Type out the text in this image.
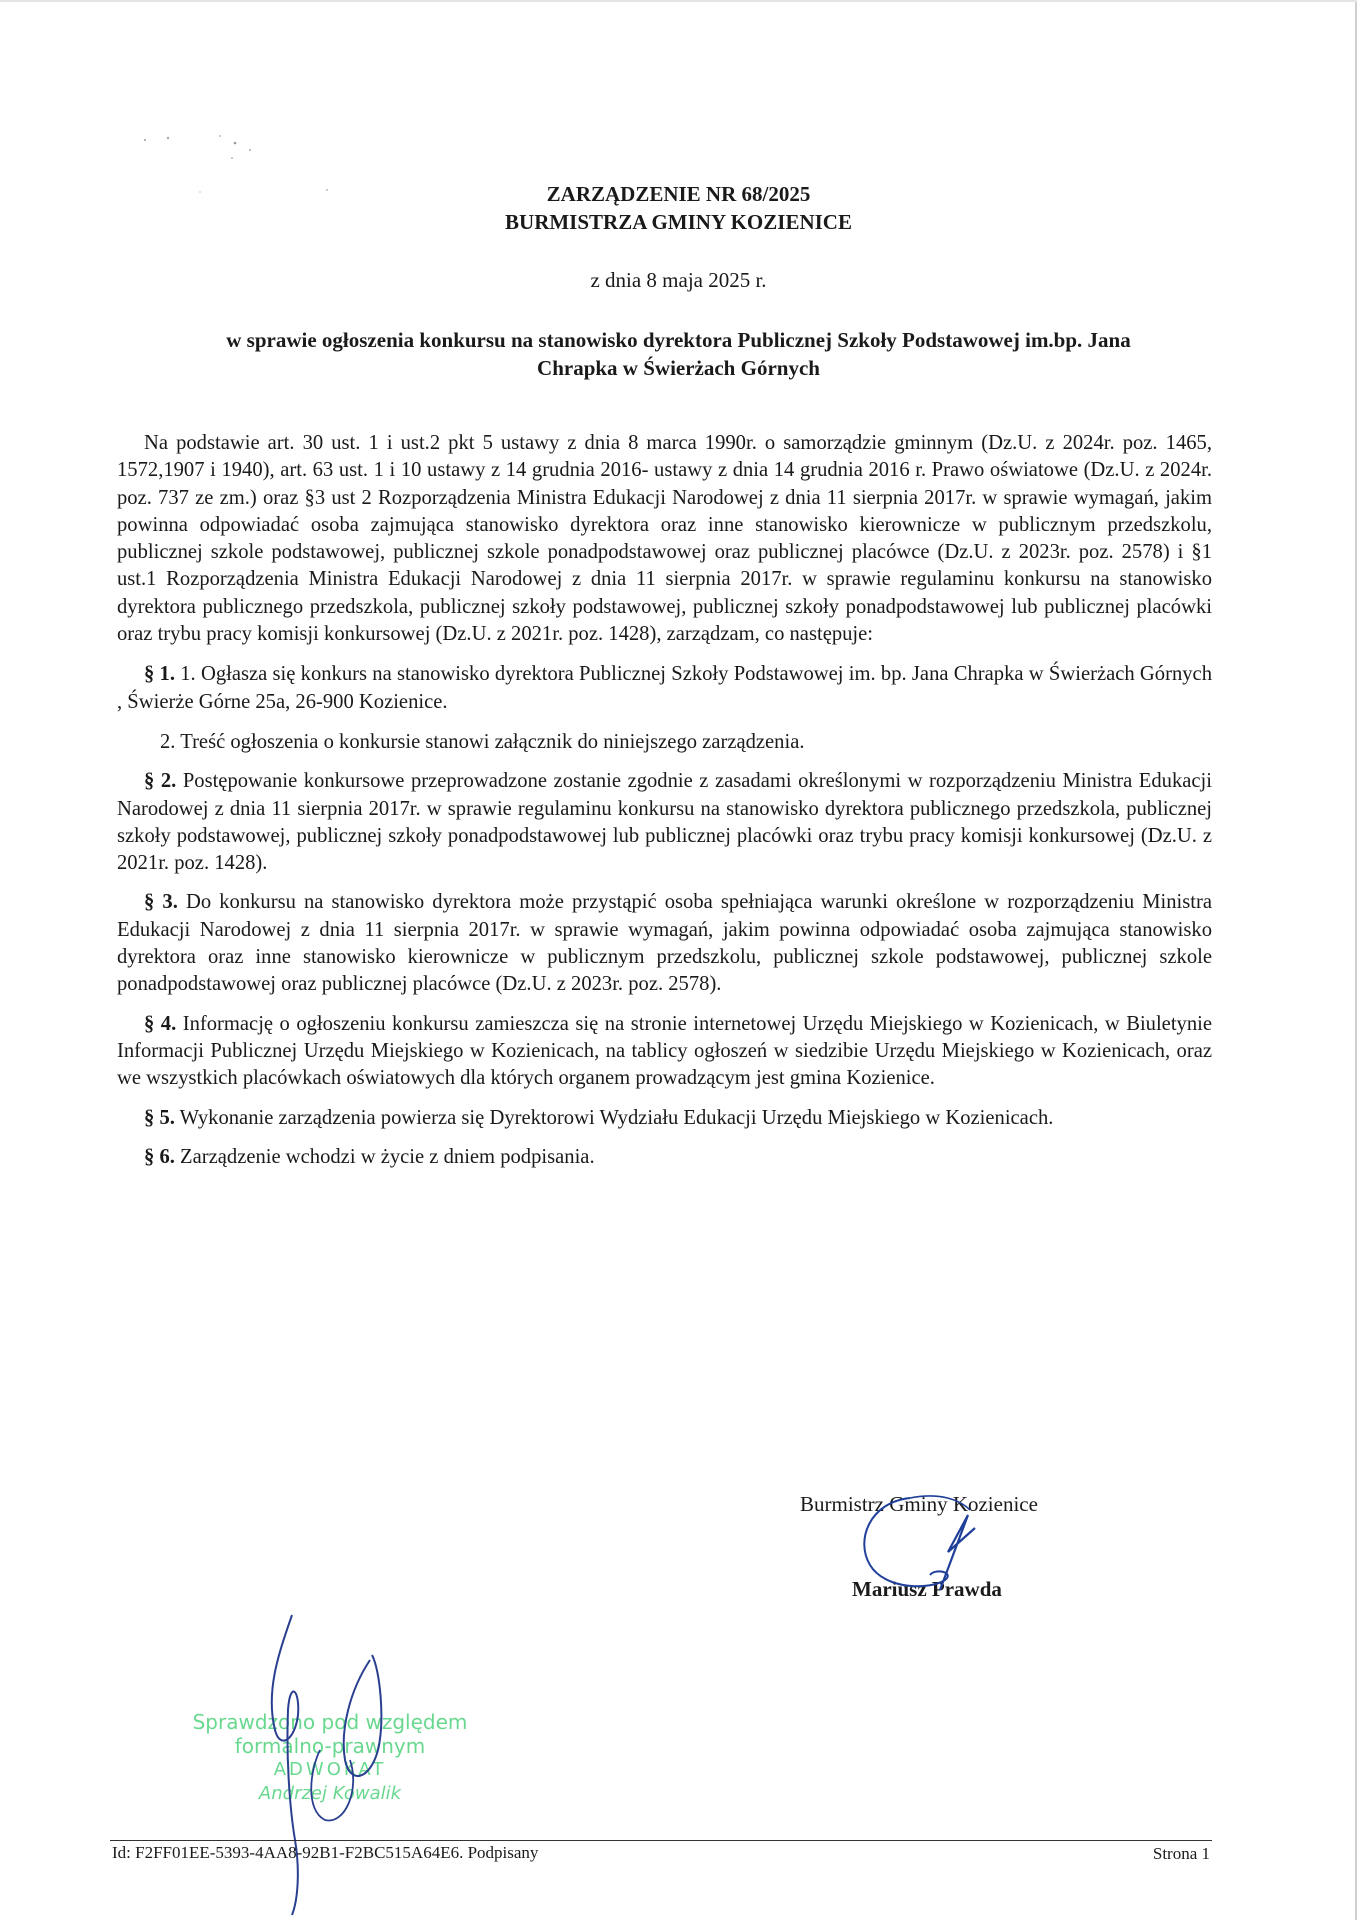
ZARZĄDZENIE NR 68/2025
BURMISTRZA GMINY KOZIENICE
z dnia 8 maja 2025 r.
w sprawie ogłoszenia konkursu na stanowisko dyrektora Publicznej Szkoły Podstawowej im.bp. Jana
Chrapka w Świerżach Górnych

Na podstawie art. 30 ust. 1 i ust.2 pkt 5 ustawy z dnia 8 marca 1990r. o samorządzie gminnym (Dz.U. z 2024r. poz. 1465, 1572,1907 i 1940), art. 63 ust. 1 i 10 ustawy z 14 grudnia 2016- ustawy z dnia 14 grudnia 2016 r. Prawo oświatowe (Dz.U. z 2024r. poz. 737 ze zm.) oraz §3 ust 2 Rozporządzenia Ministra Edukacji Narodowej z dnia 11 sierpnia 2017r. w sprawie wymagań, jakim powinna odpowiadać osoba zajmująca stanowisko dyrektora oraz inne stanowisko kierownicze w publicznym przedszkolu, publicznej szkole podstawowej, publicznej szkole ponadpodstawowej oraz publicznej placówce (Dz.U. z 2023r. poz. 2578) i §1 ust.1 Rozporządzenia Ministra Edukacji Narodowej z dnia 11 sierpnia 2017r. w sprawie regulaminu konkursu na stanowisko dyrektora publicznego przedszkola, publicznej szkoły podstawowej, publicznej szkoły ponadpodstawowej lub publicznej placówki oraz trybu pracy komisji konkursowej (Dz.U. z 2021r. poz. 1428), zarządzam, co następuje:

§ 1. 1. Ogłasza się konkurs na stanowisko dyrektora Publicznej Szkoły Podstawowej im. bp. Jana Chrapka w Świerżach Górnych , Świerże Górne 25a, 26-900 Kozienice.

2. Treść ogłoszenia o konkursie stanowi załącznik do niniejszego zarządzenia.

§ 2. Postępowanie konkursowe przeprowadzone zostanie zgodnie z zasadami określonymi w rozporządzeniu Ministra Edukacji Narodowej z dnia 11 sierpnia 2017r. w sprawie regulaminu konkursu na stanowisko dyrektora publicznego przedszkola, publicznej szkoły podstawowej, publicznej szkoły ponadpodstawowej lub publicznej placówki oraz trybu pracy komisji konkursowej (Dz.U. z 2021r. poz. 1428).

§ 3. Do konkursu na stanowisko dyrektora może przystąpić osoba spełniająca warunki określone w rozporządzeniu Ministra Edukacji Narodowej z dnia 11 sierpnia 2017r. w sprawie wymagań, jakim powinna odpowiadać osoba zajmująca stanowisko dyrektora oraz inne stanowisko kierownicze w publicznym przedszkolu, publicznej szkole podstawowej, publicznej szkole ponadpodstawowej oraz publicznej placówce (Dz.U. z 2023r. poz. 2578).

§ 4. Informację o ogłoszeniu konkursu zamieszcza się na stronie internetowej Urzędu Miejskiego w Kozienicach, w Biuletynie Informacji Publicznej Urzędu Miejskiego w Kozienicach, na tablicy ogłoszeń w siedzibie Urzędu Miejskiego w Kozienicach, oraz we wszystkich placówkach oświatowych dla których organem prowadzącym jest gmina Kozienice.

§ 5. Wykonanie zarządzenia powierza się Dyrektorowi Wydziału Edukacji Urzędu Miejskiego w Kozienicach.

§ 6. Zarządzenie wchodzi w życie z dniem podpisania.

Burmistrz Gminy Kozienice
Mariusz Prawda
Sprawdzono pod względem
formalno-prawnym
ADWOKAT
Andrzej Kowalik
Id: F2FF01EE-5393-4AA8-92B1-F2BC515A64E6. Podpisany	Strona 1
